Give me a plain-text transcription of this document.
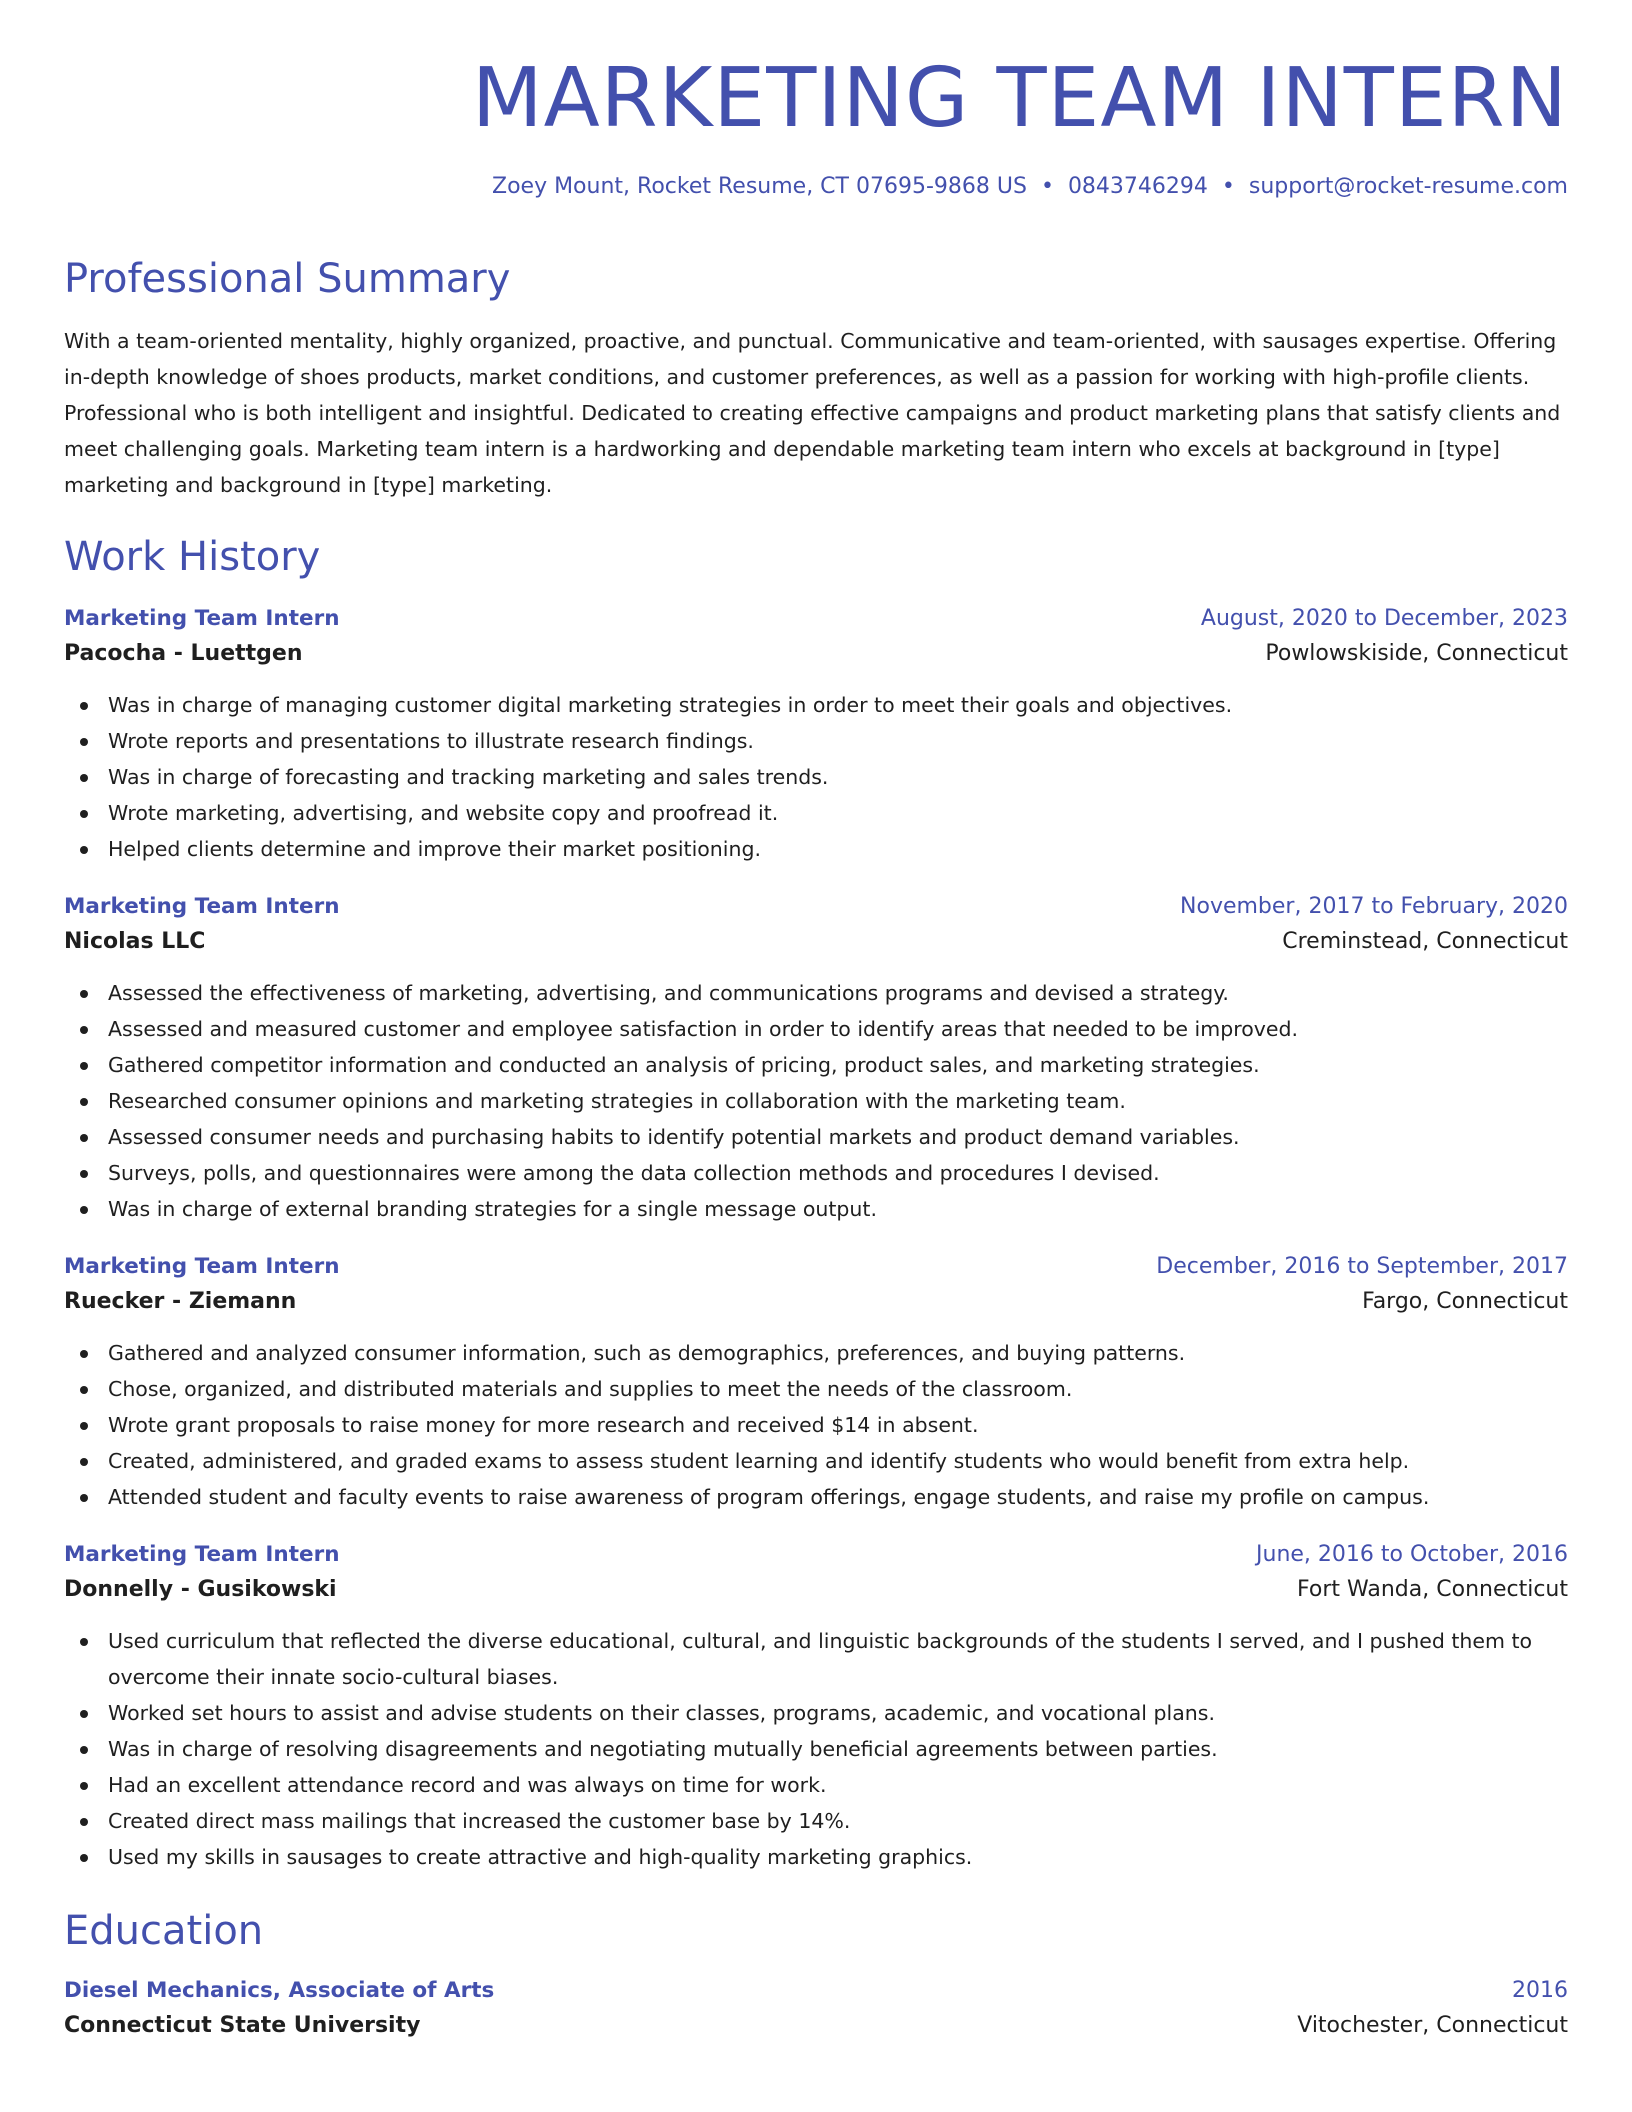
MARKETING TEAM INTERN
Zoey Mount, Rocket Resume, CT 07695-9868 US • 0843746294 • support@rocket-resume.com
Professional Summary

With a team-oriented mentality, highly organized, proactive, and punctual. Communicative and team-oriented, with sausages expertise. Offering in-depth knowledge of shoes products, market conditions, and customer preferences, as well as a passion for working with high-profile clients. Professional who is both intelligent and insightful. Dedicated to creating effective campaigns and product marketing plans that satisfy clients and meet challenging goals. Marketing team intern is a hardworking and dependable marketing team intern who excels at background in [type] marketing and background in [type] marketing.

Work History
Marketing Team Intern	August, 2020 to December, 2023
Pacocha - Luettgen	Powlowskiside, Connecticut
Was in charge of managing customer digital marketing strategies in order to meet their goals and objectives.
Wrote reports and presentations to illustrate research findings.
Was in charge of forecasting and tracking marketing and sales trends.
Wrote marketing, advertising, and website copy and proofread it.
Helped clients determine and improve their market positioning.
Marketing Team Intern	November, 2017 to February, 2020
Nicolas LLC	Creminstead, Connecticut
Assessed the effectiveness of marketing, advertising, and communications programs and devised a strategy.
Assessed and measured customer and employee satisfaction in order to identify areas that needed to be improved.
Gathered competitor information and conducted an analysis of pricing, product sales, and marketing strategies.
Researched consumer opinions and marketing strategies in collaboration with the marketing team.
Assessed consumer needs and purchasing habits to identify potential markets and product demand variables.
Surveys, polls, and questionnaires were among the data collection methods and procedures I devised.
Was in charge of external branding strategies for a single message output.
Marketing Team Intern	December, 2016 to September, 2017
Ruecker - Ziemann	Fargo, Connecticut
Gathered and analyzed consumer information, such as demographics, preferences, and buying patterns.
Chose, organized, and distributed materials and supplies to meet the needs of the classroom.
Wrote grant proposals to raise money for more research and received $14 in absent.
Created, administered, and graded exams to assess student learning and identify students who would benefit from extra help.
Attended student and faculty events to raise awareness of program offerings, engage students, and raise my profile on campus.
Marketing Team Intern	June, 2016 to October, 2016
Donnelly - Gusikowski	Fort Wanda, Connecticut
Used curriculum that reflected the diverse educational, cultural, and linguistic backgrounds of the students I served, and I pushed them to overcome their innate socio-cultural biases.
Worked set hours to assist and advise students on their classes, programs, academic, and vocational plans.
Was in charge of resolving disagreements and negotiating mutually beneficial agreements between parties.
Had an excellent attendance record and was always on time for work.
Created direct mass mailings that increased the customer base by 14%.
Used my skills in sausages to create attractive and high-quality marketing graphics.
Education
Diesel Mechanics, Associate of Arts	2016
Connecticut State University	Vitochester, Connecticut
